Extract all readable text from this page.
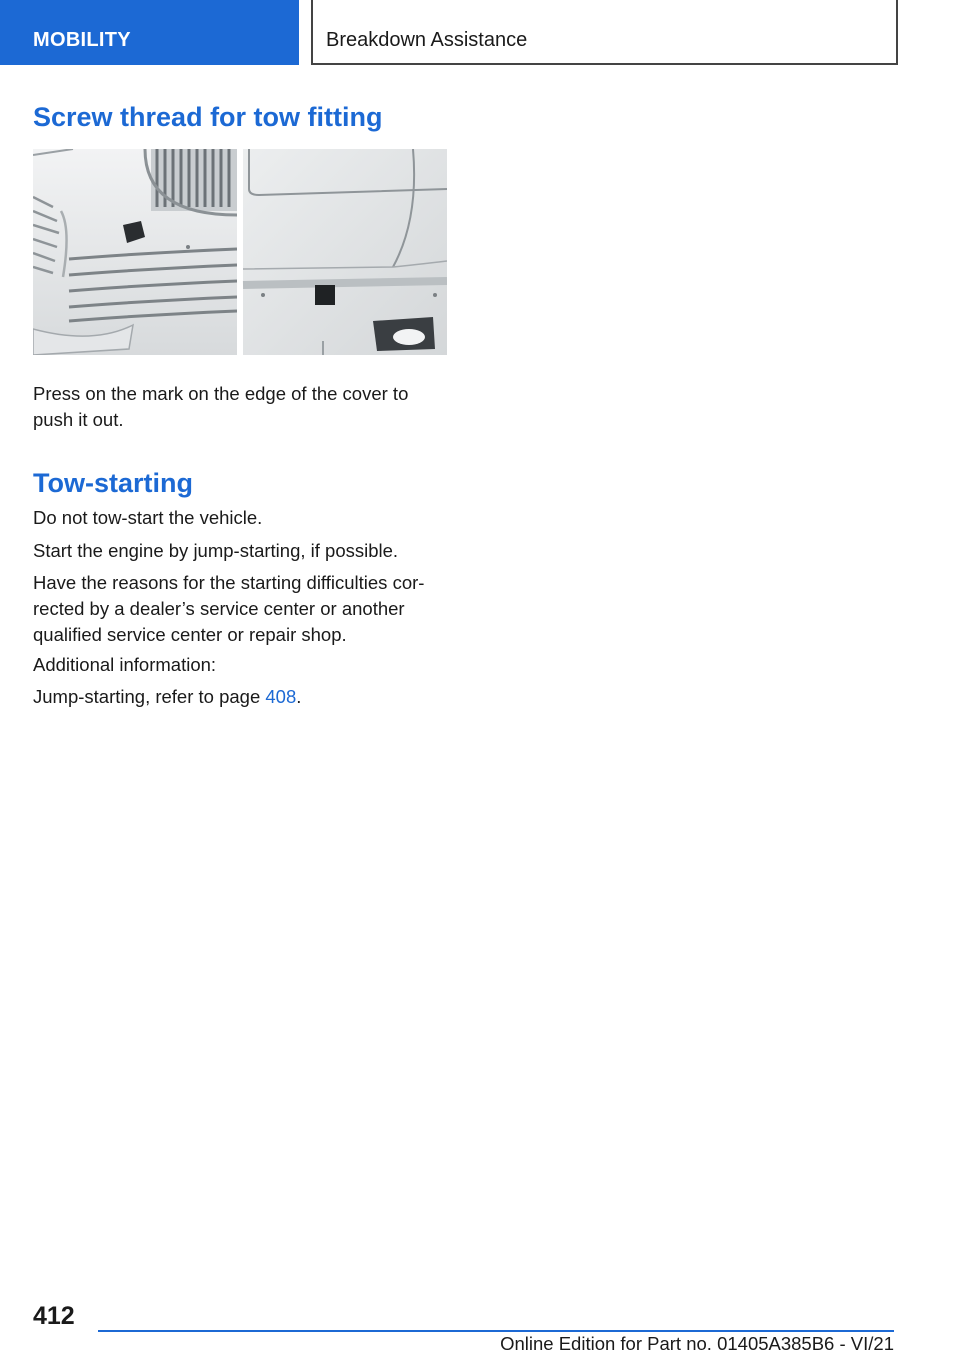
MOBILITY	Breakdown Assistance
Screw thread for tow fitting
Press on the mark on the edge of the cover to push it out.
Tow-starting
Do not tow-start the vehicle.
Start the engine by jump-starting, if possible.
Have the reasons for the starting difficulties cor-rected by a dealer’s service center or another qualified service center or repair shop.
Additional information:
Jump-starting, refer to page 408.
412
Online Edition for Part no. 01405A385B6 - VI/21
